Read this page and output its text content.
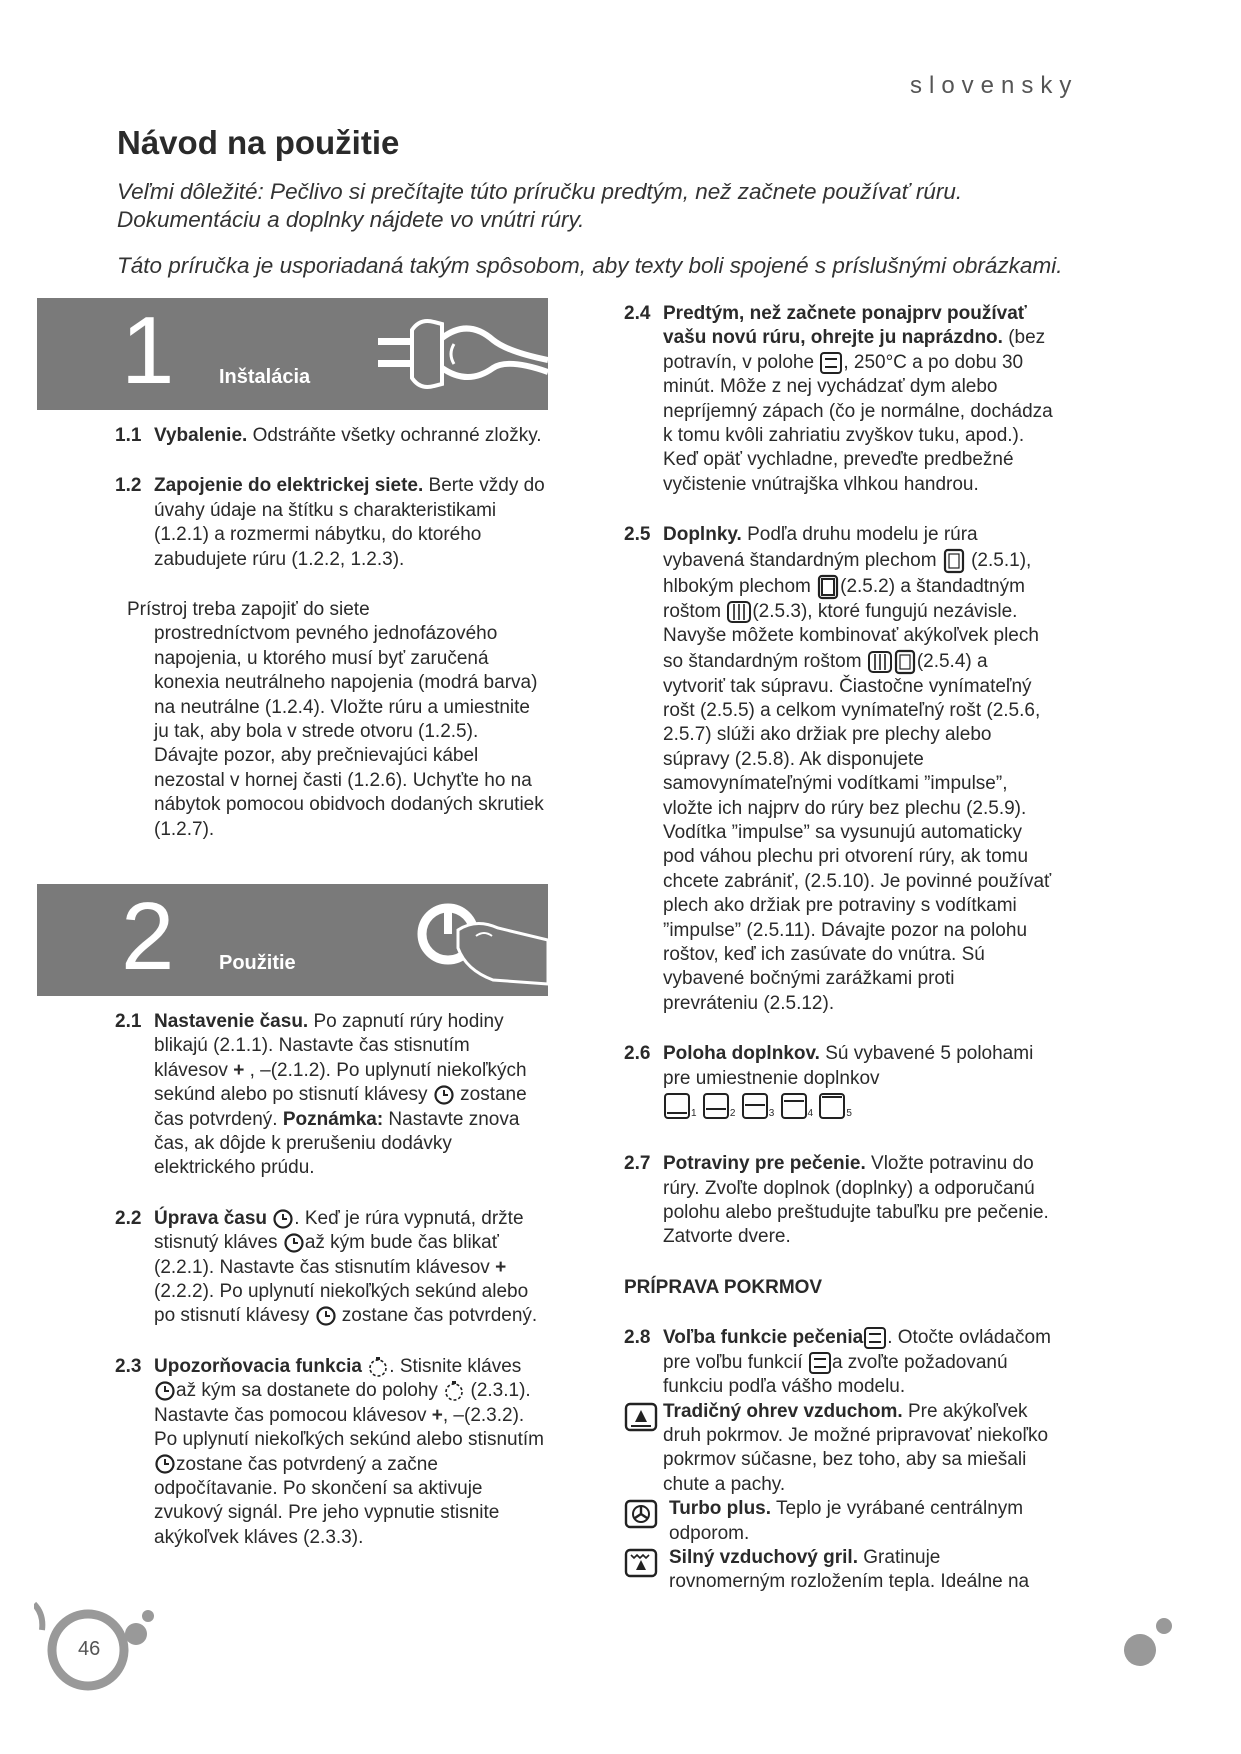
slovensky
Návod na použitie

Veľmi dôležité: Pečlivo si prečítajte túto príručku predtým, než začnete používať rúru. Dokumentáciu a doplnky nájdete vo vnútri rúry.

Táto príručka je usporiadaná takým spôsobom, aby texty boli spojené s príslušnými obrázkami.

1 Inštalácia

1.1 Vybalenie. Odstráňte všetky ochranné zložky.

1.2 Zapojenie do elektrickej siete. Berte vždy do úvahy údaje na štítku s charakteristikami (1.2.1) a rozmermi nábytku, do ktorého zabudujete rúru (1.2.2, 1.2.3).

Prístroj treba zapojiť do siete

prostredníctvom pevného jednofázového napojenia, u ktorého musí byť zaručená konexia neutrálneho napojenia (modrá barva) na neutrálne (1.2.4). Vložte rúru a umiestnite ju tak, aby bola v strede otvoru (1.2.5). Dávajte pozor, aby prečnievajúci kábel nezostal v hornej časti (1.2.6). Uchyťte ho na nábytok pomocou obidvoch dodaných skrutiek (1.2.7).

2 Použitie

2.1 Nastavenie času. Po zapnutí rúry hodiny blikajú (2.1.1). Nastavte čas stisnutím klávesov + , –(2.1.2). Po uplynutí niekoľkých sekúnd alebo po stisnutí klávesy  zostane čas potvrdený. Poznámka: Nastavte znova čas, ak dôjde k prerušeniu dodávky elektrického prúdu.

2.2 Úprava času . Keď je rúra vypnutá, držte stisnutý kláves až kým bude čas blikať (2.2.1). Nastavte čas stisnutím klávesov + (2.2.2). Po uplynutí niekoľkých sekúnd alebo po stisnutí klávesy  zostane čas potvrdený.

2.3 Upozorňovacia funkcia . Stisnite kláves až kým sa dostanete do polohy  (2.3.1). Nastavte čas pomocou klávesov +, –(2.3.2). Po uplynutí niekoľkých sekúnd alebo stisnutím zostane čas potvrdený a začne odpočítavanie. Po skončení sa aktivuje zvukový signál. Pre jeho vypnutie stisnite akýkoľvek kláves (2.3.3).

2.4 Predtým, než začnete ponajprv používať vašu novú rúru, ohrejte ju naprázdno. (bez potravín, v polohe , 250°C a po dobu 30 minút. Môže z nej vychádzať dym alebo nepríjemný zápach (čo je normálne, dochádza k tomu kvôli zahriatiu zvyškov tuku, apod.). Keď opäť vychladne, preveďte predbežné vyčistenie vnútrajška vlhkou handrou.

2.5 Doplnky. Podľa druhu modelu je rúra vybavená štandardným plechom  (2.5.1), hlbokým plechom (2.5.2) a štandadtným roštom (2.5.3), ktoré fungujú nezávisle. Navyše môžete kombinovať akýkoľvek plech so štandardným roštom	(2.5.4) a vytvoriť tak súpravu. Čiastočne vynímateľný rošt (2.5.5) a celkom vynímateľný rošt (2.5.6, 2.5.7) slúži ako držiak pre plechy alebo súpravy (2.5.8). Ak disponujete samovynímateľnými vodítkami ”impulse”, vložte ich najprv do rúry bez plechu (2.5.9). Vodítka ”impulse” sa vysunujú automaticky pod váhou plechu pri otvorení rúry, ak tomu chcete zabrániť, (2.5.10). Je povinné používať plech ako držiak pre potraviny s vodítkami ”impulse” (2.5.11). Dávajte pozor na polohu roštov, keď ich zasúvate do vnútra. Sú vybavené bočnými zarážkami proti prevráteniu (2.5.12).

2.6 Poloha doplnkov. Sú vybavené 5 polohami pre umiestnenie doplnkov
$_1$	$_2$	$_3$	$_4$	$_5$

2.7 Potraviny pre pečenie. Vložte potravinu do rúry. Zvoľte doplnok (doplnky) a odporučanú polohu alebo preštudujte tabuľku pre pečenie. Zatvorte dvere.

PRÍPRAVA POKRMOV

2.8 Voľba funkcie pečenia . Otočte ovládačom pre voľbu funkcií a zvoľte požadovanú funkciu podľa vášho modelu.

Tradičný ohrev vzduchom. Pre akýkoľvek druh pokrmov. Je možné pripravovať niekoľko pokrmov súčasne, bez toho, aby sa miešali chute a pachy.

Turbo plus. Teplo je vyrábané centrálnym odporom.

Silný vzduchový gril. Gratinuje rovnomerným rozložením tepla. Ideálne na

46
